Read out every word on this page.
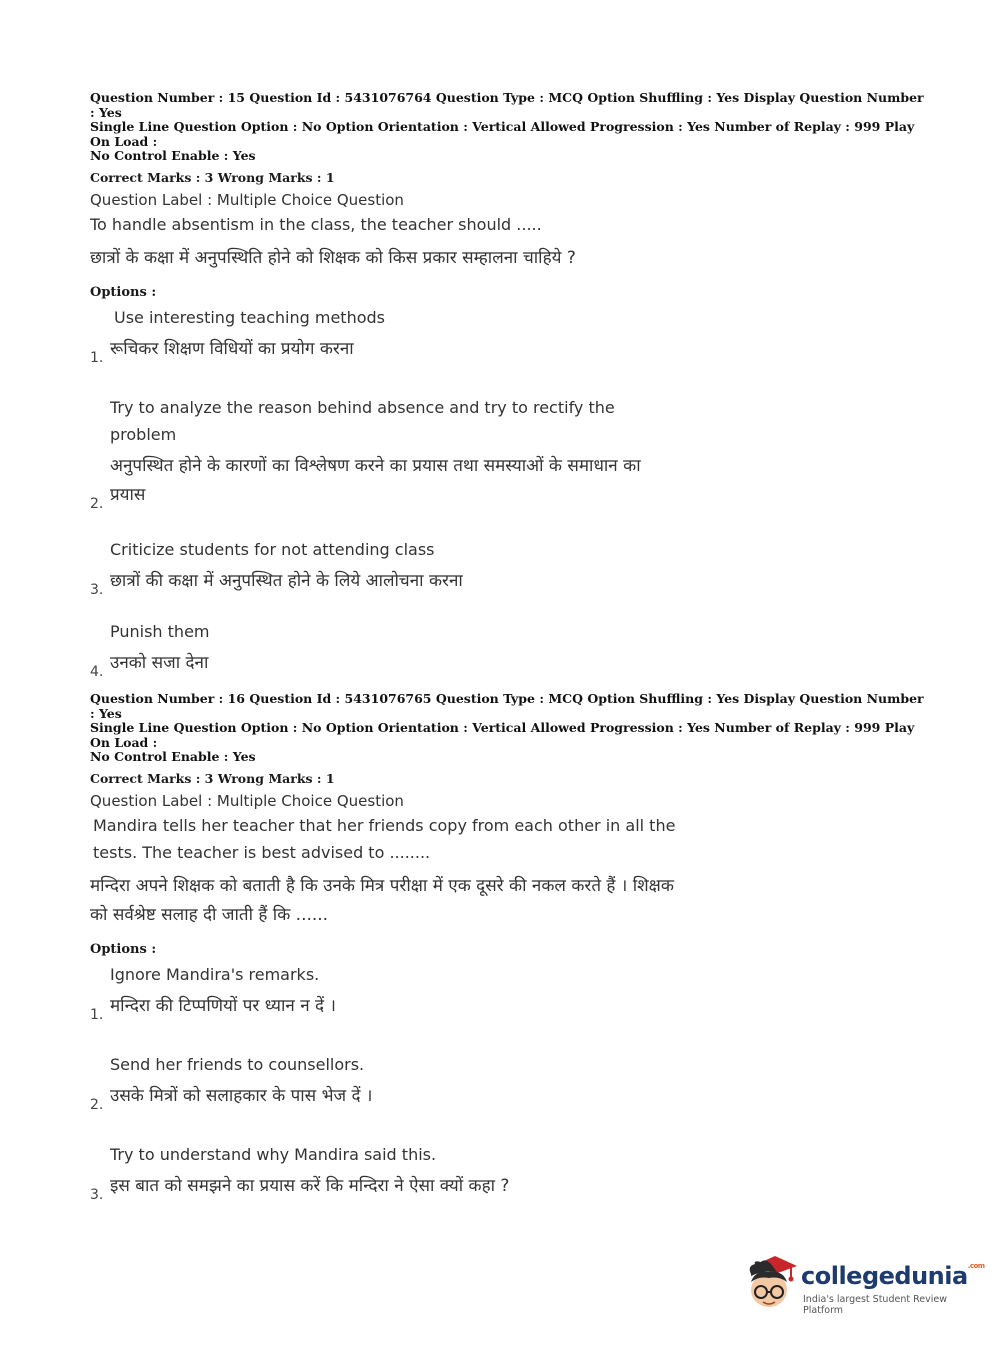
Question Number : 15 Question Id : 5431076764 Question Type : MCQ Option Shuffling : Yes Display Question Number : Yes
Single Line Question Option : No Option Orientation : Vertical Allowed Progression : Yes Number of Replay : 999 Play On Load :
No Control Enable : Yes
Correct Marks : 3 Wrong Marks : 1
Question Label : Multiple Choice Question
To handle absentism in the class, the teacher should .....
छात्रों के कक्षा में अनुपस्थिति होने को शिक्षक को किस प्रकार सम्हालना चाहिये ?
Options :
Use interesting teaching methods
रूचिकर शिक्षण विधियों का प्रयोग करना
1.
Try to analyze the reason behind absence and try to rectify the problem
अनुपस्थित होने के कारणों का विश्लेषण करने का प्रयास तथा समस्याओं के समाधान का प्रयास
2.
Criticize students for not attending class
छात्रों की कक्षा में अनुपस्थित होने के लिये आलोचना करना
3.
Punish them
उनको सजा देना
4.
Question Number : 16 Question Id : 5431076765 Question Type : MCQ Option Shuffling : Yes Display Question Number : Yes
Single Line Question Option : No Option Orientation : Vertical Allowed Progression : Yes Number of Replay : 999 Play On Load :
No Control Enable : Yes
Correct Marks : 3 Wrong Marks : 1
Question Label : Multiple Choice Question
Mandira tells her teacher that her friends copy from each other in all the tests. The teacher is best advised to ........
मन्दिरा अपने शिक्षक को बताती है कि उनके मित्र परीक्षा में एक दूसरे की नकल करते हैं । शिक्षक को सर्वश्रेष्ट सलाह दी जाती हैं कि ......
Options :
Ignore Mandira's remarks.
मन्दिरा की टिप्पणियों पर ध्यान न दें ।
1.
Send her friends to counsellors.
उसके मित्रों को सलाहकार के पास भेज दें ।
2.
Try to understand why Mandira said this.
इस बात को समझने का प्रयास करें कि मन्दिरा ने ऐसा क्यों कहा ?
3.
collegedunia$^{.com}$
India's largest Student Review Platform
